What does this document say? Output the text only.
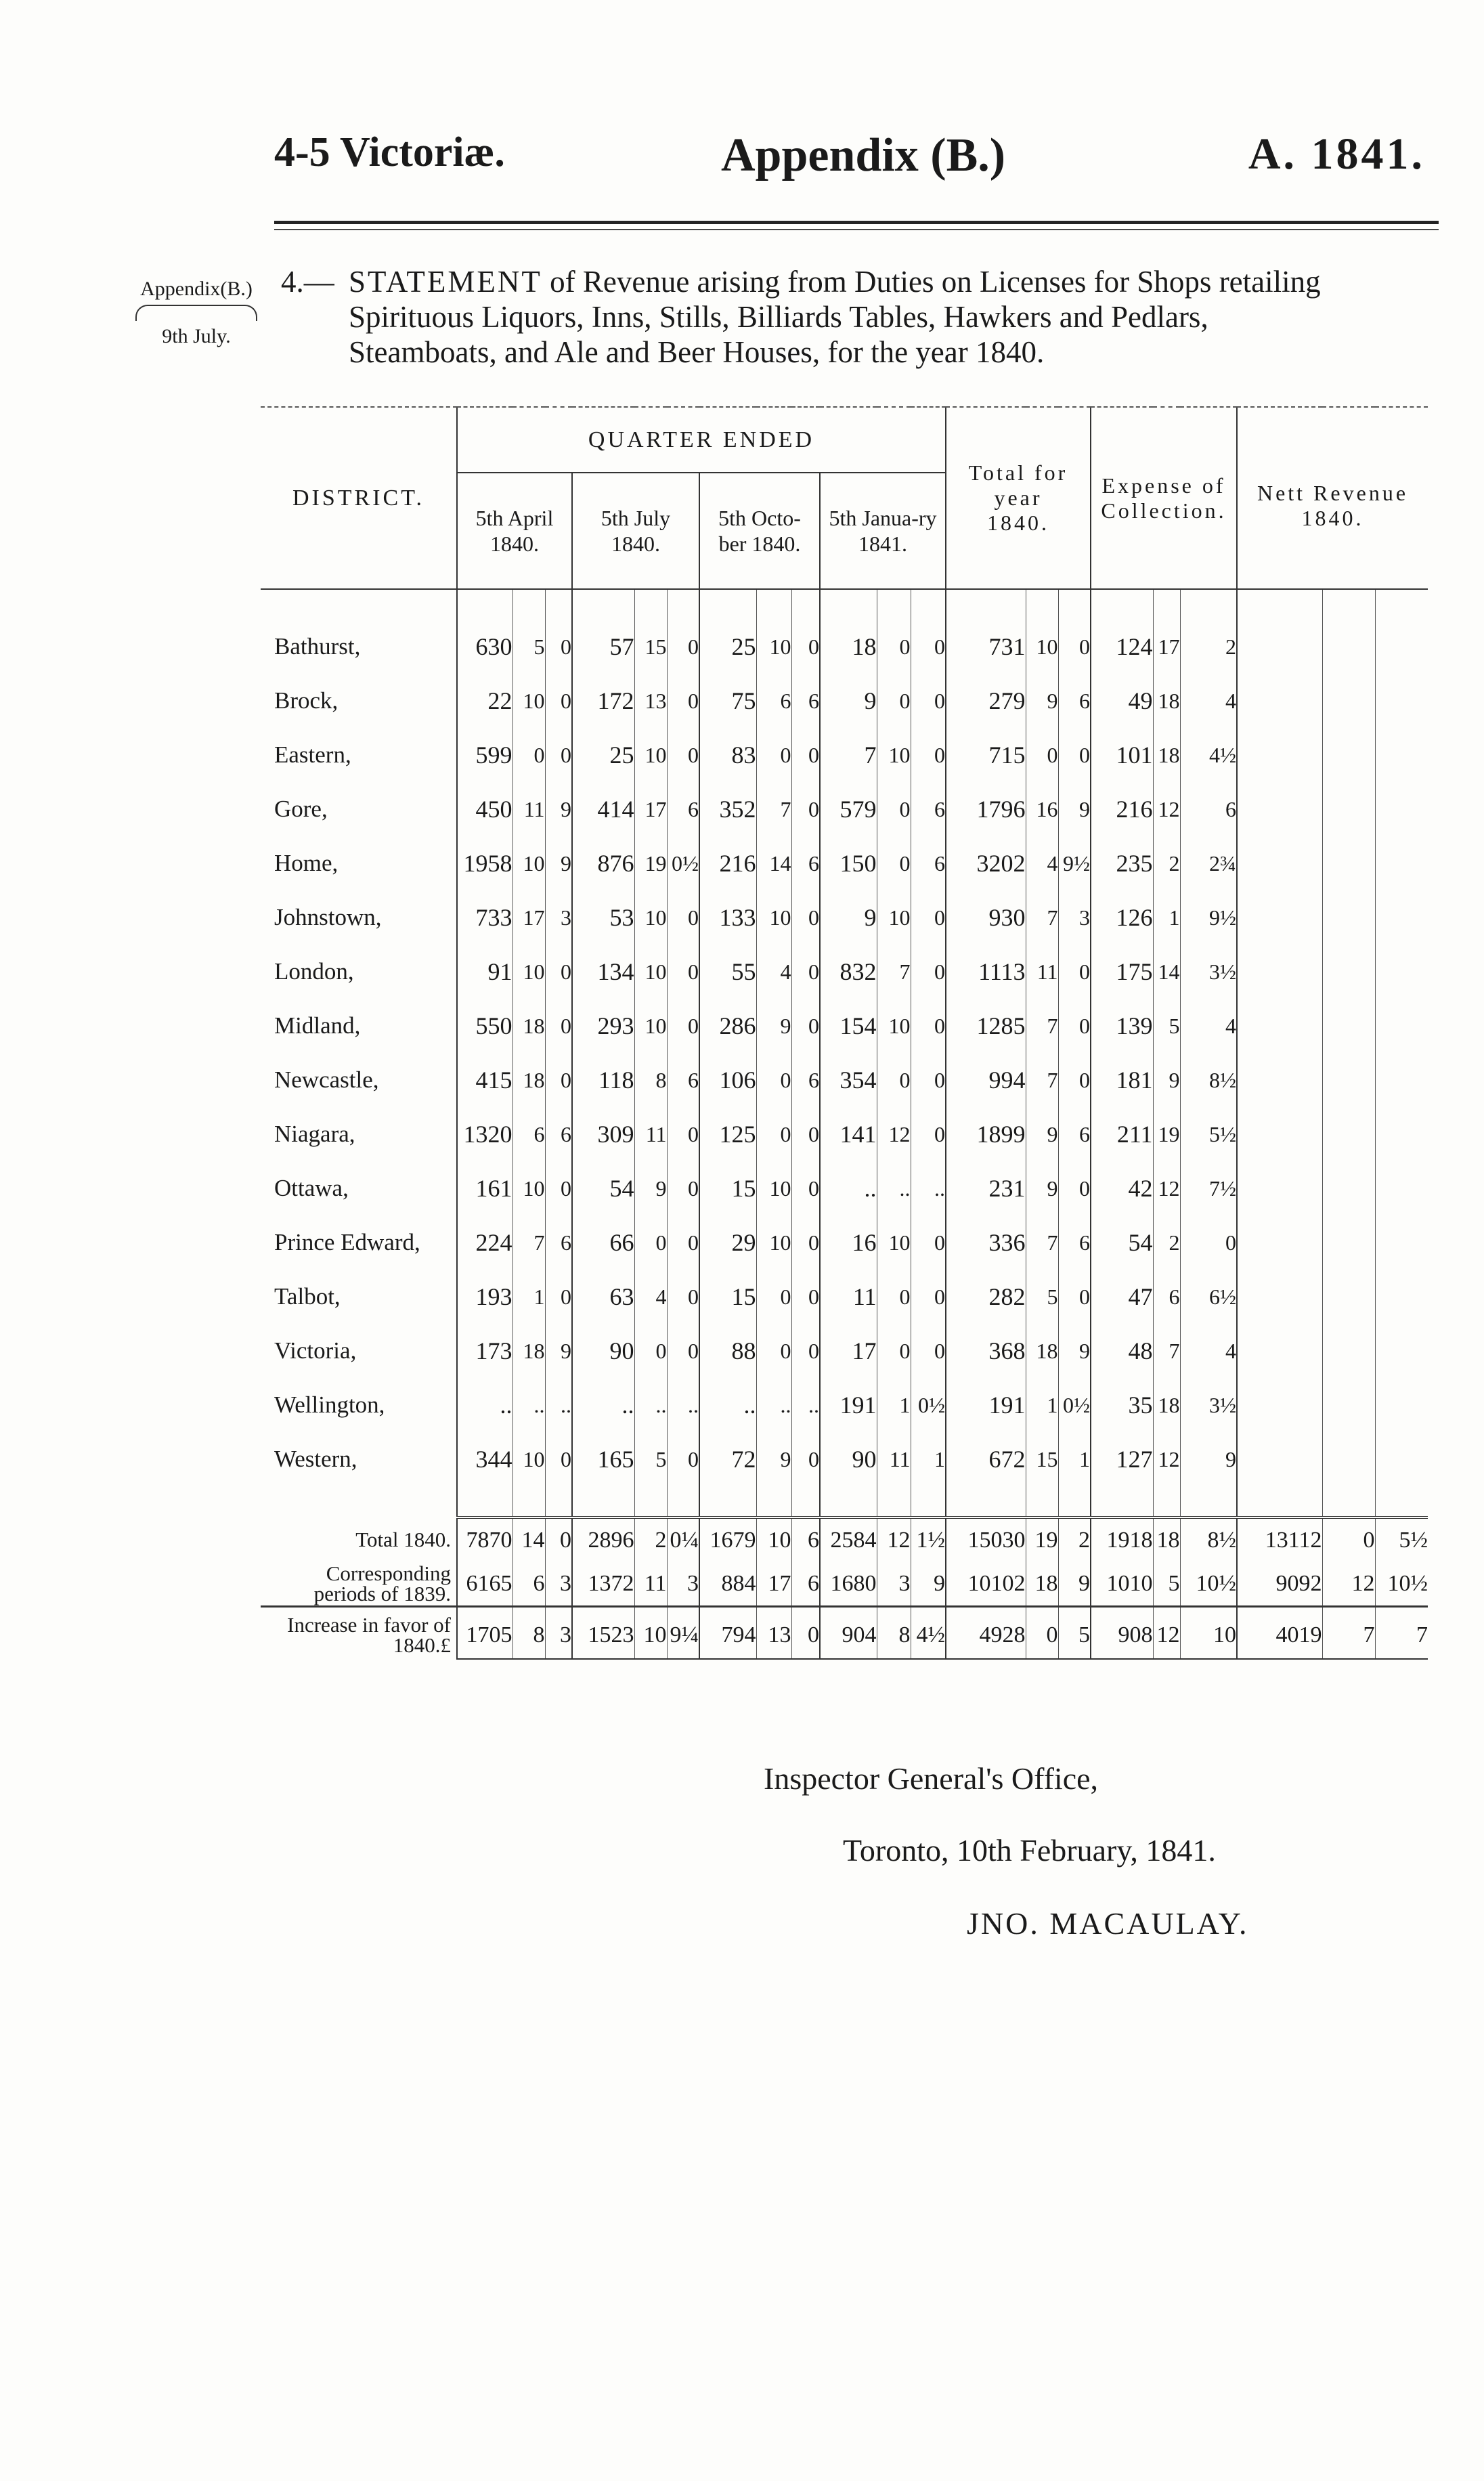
4-5 Victoriæ.	Appendix (B.)	A. 1841.
Appendix(B.)
9th July.
4.— STATEMENT of Revenue arising from Duties on Licenses for Shops retailing
Spirituous Liquors, Inns, Stills, Billiards Tables, Hawkers and Pedlars,
Steamboats, and Ale and Beer Houses, for the year 1840.

DISTRICT.	QUARTER ENDED												Total for year 1840.			Expense of Collection.			Nett Revenue 1840.		
	5th April 1840.			5th July 1840.			5th Octo-ber 1840.			5th Janua-ry 1841.											

Bathurst,	630	5	0	57	15	0	25	10	0	18	0	0	731	10	0	124	17	2			
Brock,	22	10	0	172	13	0	75	6	6	9	0	0	279	9	6	49	18	4			
Eastern,	599	0	0	25	10	0	83	0	0	7	10	0	715	0	0	101	18	4½			
Gore,	450	11	9	414	17	6	352	7	0	579	0	6	1796	16	9	216	12	6			
Home,	1958	10	9	876	19	0½	216	14	6	150	0	6	3202	4	9½	235	2	2¾			
Johnstown,	733	17	3	53	10	0	133	10	0	9	10	0	930	7	3	126	1	9½			
London,	91	10	0	134	10	0	55	4	0	832	7	0	1113	11	0	175	14	3½			
Midland,	550	18	0	293	10	0	286	9	0	154	10	0	1285	7	0	139	5	4			
Newcastle,	415	18	0	118	8	6	106	0	6	354	0	0	994	7	0	181	9	8½			
Niagara,	1320	6	6	309	11	0	125	0	0	141	12	0	1899	9	6	211	19	5½			
Ottawa,	161	10	0	54	9	0	15	10	0	..	..	..	231	9	0	42	12	7½			
Prince Edward,	224	7	6	66	0	0	29	10	0	16	10	0	336	7	6	54	2	0			
Talbot,	193	1	0	63	4	0	15	0	0	11	0	0	282	5	0	47	6	6½			
Victoria,	173	18	9	90	0	0	88	0	0	17	0	0	368	18	9	48	7	4			
Wellington,	..	..	..	..	..	..	..	..	..	191	1	0½	191	1	0½	35	18	3½			
Western,	344	10	0	165	5	0	72	9	0	90	11	1	672	15	1	127	12	9			

Total 1840.	7870	14	0	2896	2	0¼	1679	10	6	2584	12	1½	15030	19	2	1918	18	8½	13112	0	5½
Corresponding periods of 1839.	6165	6	3	1372	11	3	884	17	6	1680	3	9	10102	18	9	1010	5	10½	9092	12	10½

Increase in favor of 1840.£	1705	8	3	1523	10	9¼	794	13	0	904	8	4½	4928	0	5	908	12	10	4019	7	7
Inspector General's Office,
Toronto, 10th February, 1841.
JNO. MACAULAY.
